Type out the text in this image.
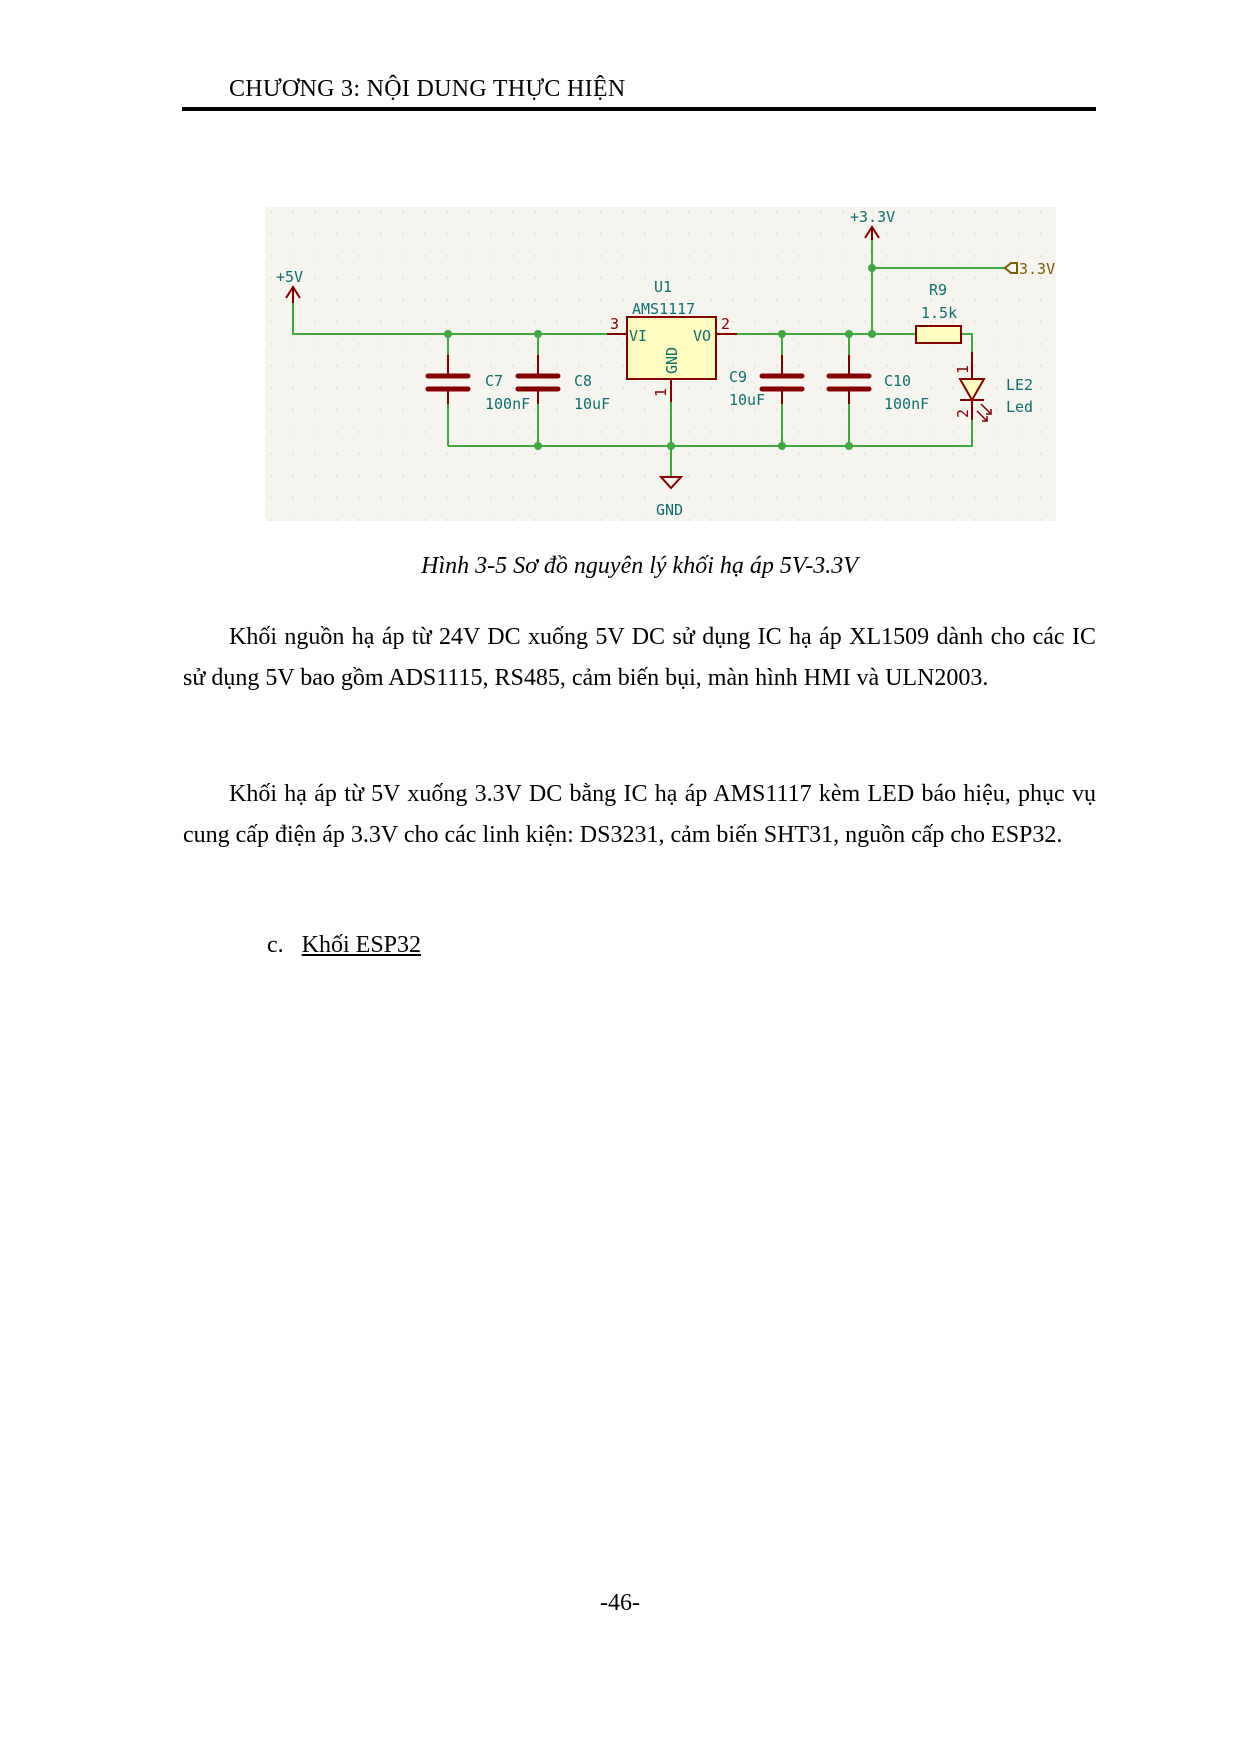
CHƯƠNG 3: NỘI DUNG THỰC HIỆN
+5V
+3.3V
3.3V
U1
AMS1117
VI	VO
GND
3	2
1
C7
100nF
C8
10uF
C9
10uF
C10
100nF
R9
1.5k
1
2
LE2
Led
GND
Hình 3-5 Sơ đồ nguyên lý khối hạ áp 5V-3.3V

Khối nguồn hạ áp từ 24V DC xuống 5V DC sử dụng IC hạ áp XL1509 dành cho các IC sử dụng 5V bao gồm ADS1115, RS485, cảm biến bụi, màn hình HMI và ULN2003.

Khối hạ áp từ 5V xuống 3.3V DC bằng IC hạ áp AMS1117 kèm LED báo hiệu, phục vụ cung cấp điện áp 3.3V cho các linh kiện: DS3231, cảm biến SHT31, nguồn cấp cho ESP32.

c. Khối ESP32
-46-
